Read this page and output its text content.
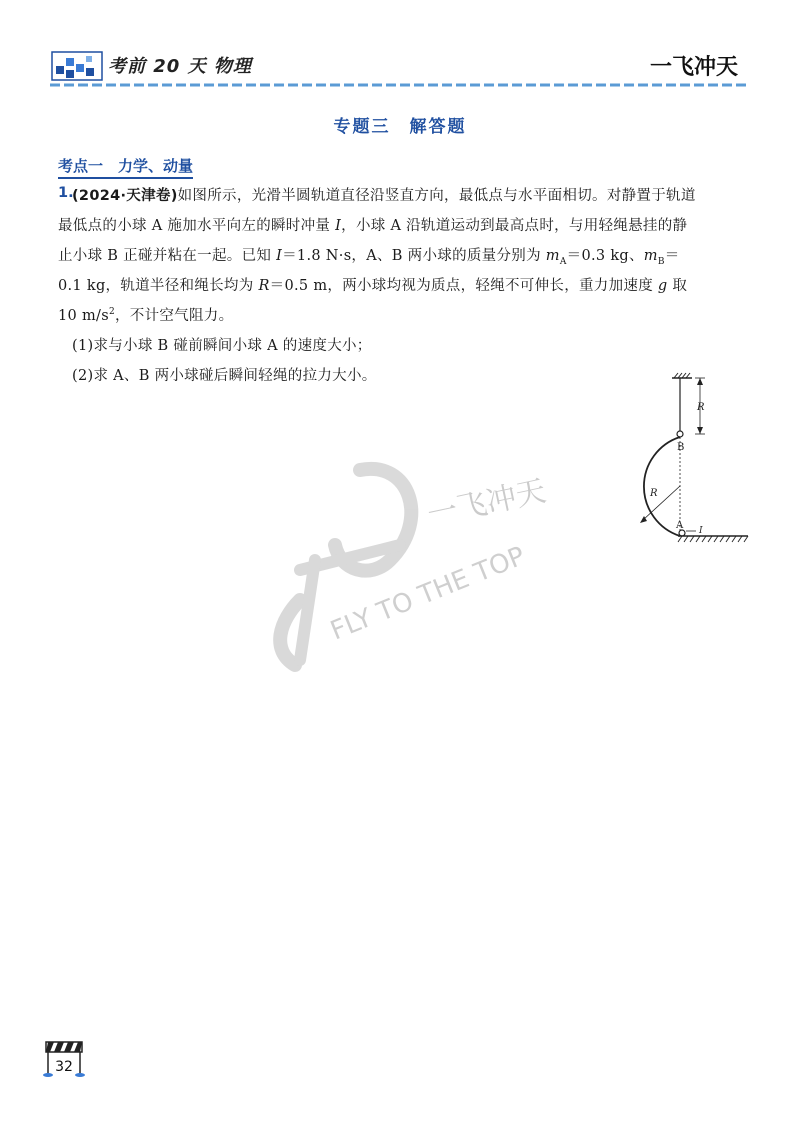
考前 20 天 物理	一飞冲天
专题三　解答题
考点一　力学、动量
1.
(2024·天津卷)如图所示，光滑半圆轨道直径沿竖直方向，最低点与水平面相切。对静置于轨道
最低点的小球 A 施加水平向左的瞬时冲量 I，小球 A 沿轨道运动到最高点时，与用轻绳悬挂的静
止小球 B 正碰并粘在一起。已知 I＝1.8 N·s，A、B 两小球的质量分别为 $m_A=0.3$ kg、$m_B=$
0.1 kg，轨道半径和绳长均为 R＝0.5 m，两小球均视为质点，轻绳不可伸长，重力加速度 g 取
10 $m/s^2$，不计空气阻力。
(1)求与小球 B 碰前瞬间小球 A 的速度大小；
(2)求 A、B 两小球碰后瞬间轻绳的拉力大小。
一飞冲天
FLY TO THE TOP
R
R
B
A I
32
